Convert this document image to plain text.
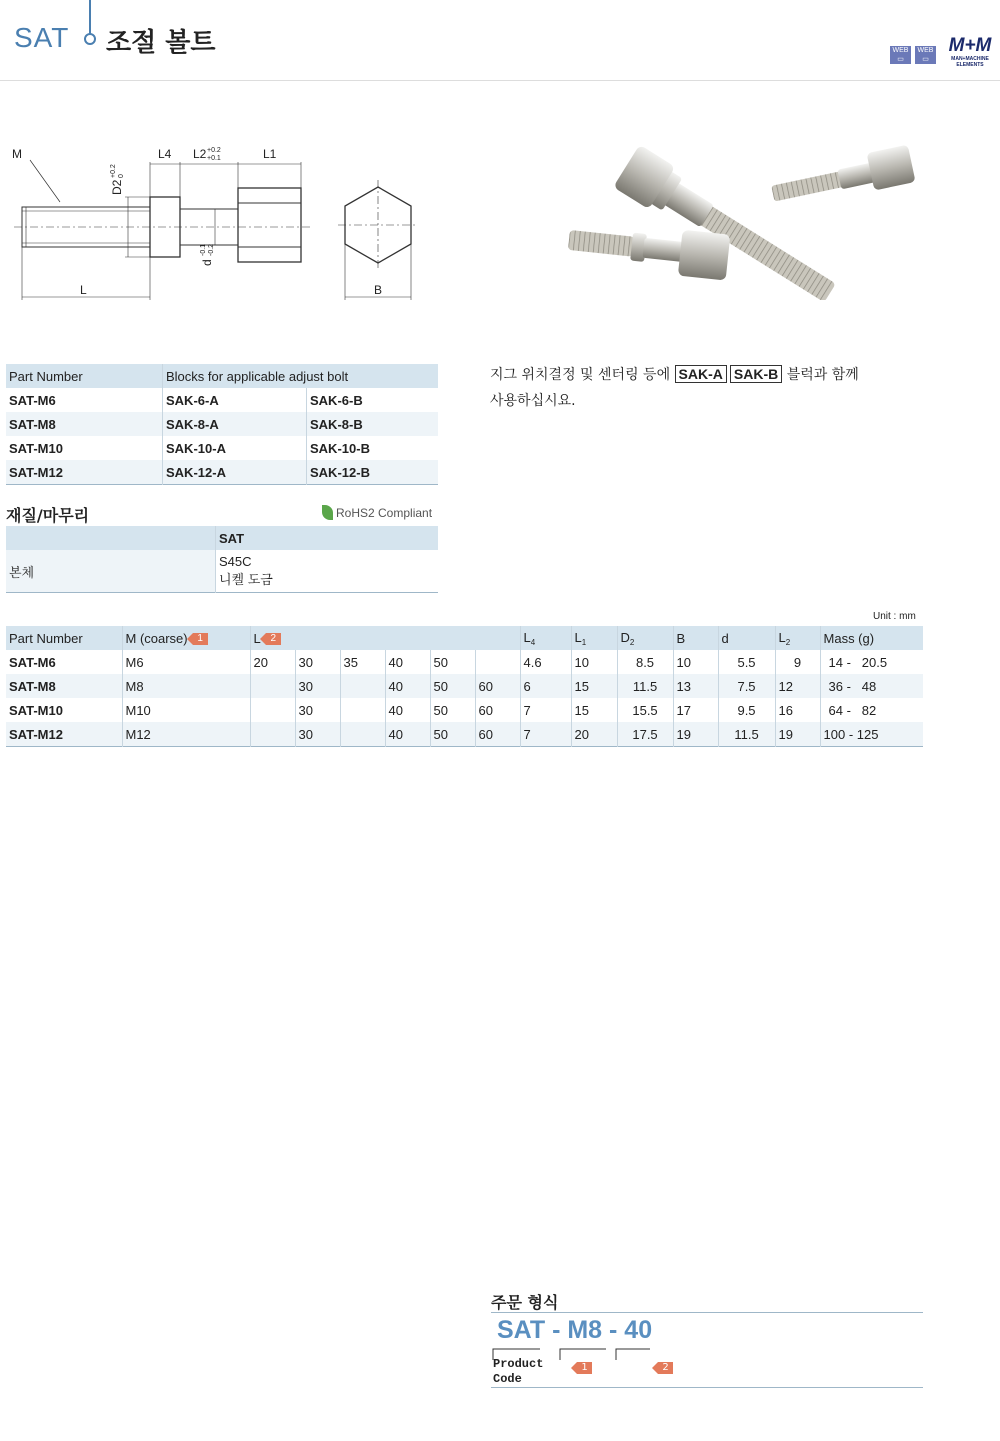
SAT 조절 볼트	WEB
▭
WEB
▭
M+M
MAN+MACHINE ELEMENTS
M	L4 L2 +0.2
+0.1	L1
D2
+0.2 0
d
-0.1 -0.2
L	B
Part Number	Blocks for applicable adjust bolt	
SAT-M6	SAK-6-A	SAK-6-B
SAT-M8	SAK-8-A	SAK-8-B
SAT-M10	SAK-10-A	SAK-10-B
SAT-M12	SAK-12-A	SAK-12-B
지그 위치결정 및 센터링 등에 SAK-A SAK-B 블럭과 함께
사용하십시요.
재질/마무리	RoHS2 Compliant
	SAT
본체	S45C
니켈 도금
Unit : mm
Part Number	M (coarse) 1	L 2						$L_4$	$L_1$	$D_2$	B	d	$L_2$	Mass (g)
SAT-M6	M6	20	30	35	40	50		4.6	10	8.5	10	5.5	9	14 -   20.5
SAT-M8	M8		30		40	50	60	6	15	11.5	13	7.5	12	36 -   48
SAT-M10	M10		30		40	50	60	7	15	15.5	17	9.5	16	64 -   82
SAT-M12	M12		30		40	50	60	7	20	17.5	19	11.5	19	100 - 125
주문 형식
SAT - M8 - 40
Product Code
1	2
